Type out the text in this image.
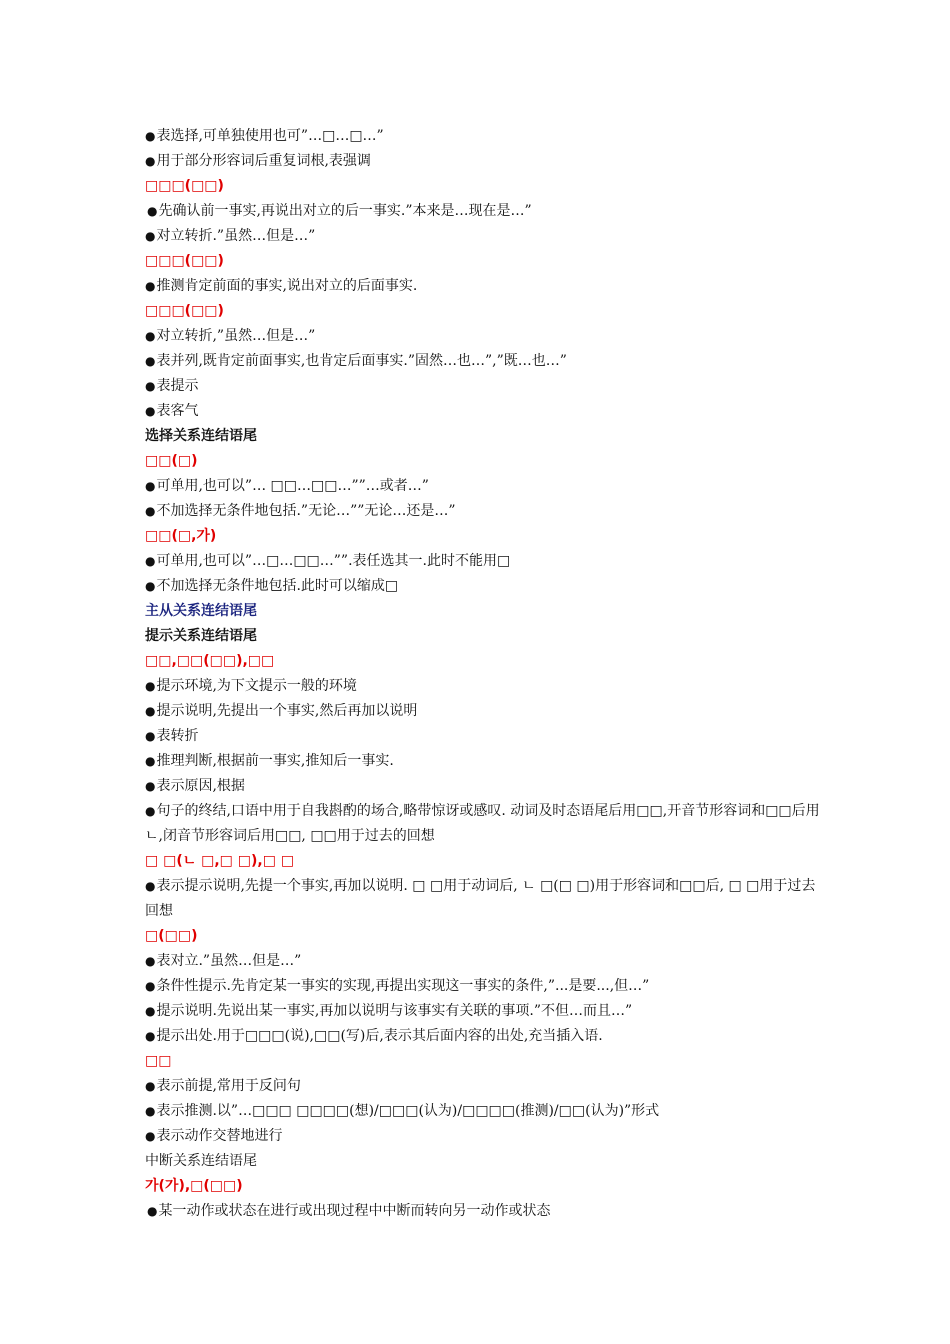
● 表选择,可单独使用也可”…□…□…”
● 用于部分形容词后重复词根,表强调
□□□(□□)
● 先确认前一事实,再说出对立的后一事实.”本来是…现在是…”
● 对立转折.”虽然…但是…”
□□□(□□)
● 推测肯定前面的事实,说出对立的后面事实.
□□□(□□)
● 对立转折,”虽然…但是…”
● 表并列,既肯定前面事实,也肯定后面事实.”固然…也…”,”既…也…”
● 表提示
● 表客气
选择关系连结语尾
□□(□)
● 可单用,也可以”… □□…□□…””…或者…”
● 不加选择无条件地包括.”无论…””无论…还是…”
□□(□,가)
● 可单用,也可以”…□…□□…””.表任选其一.此时不能用□
● 不加选择无条件地包括.此时可以缩成□
主从关系连结语尾
提示关系连结语尾
□□,□□(□□),□□
● 提示环境,为下文提示一般的环境
● 提示说明,先提出一个事实,然后再加以说明
● 表转折
● 推理判断,根据前一事实,推知后一事实.
● 表示原因,根据
● 句子的终结,口语中用于自我斟酌的场合,略带惊讶或感叹. 动词及时态语尾后用□□,开音节形容词和□□后用ㄴ,闭音节形容词后用□□, □□用于过去的回想
□ □(ㄴ □,□ □),□ □
● 表示提示说明,先提一个事实,再加以说明. □ □用于动词后, ㄴ □(□ □)用于形容词和□□后, □ □用于过去回想
□(□□)
● 表对立.”虽然…但是…”
● 条件性提示.先肯定某一事实的实现,再提出实现这一事实的条件,”...是要...,但…”
● 提示说明.先说出某一事实,再加以说明与该事实有关联的事项.”不但…而且…”
● 提示出处.用于□□□(说),□□(写)后,表示其后面内容的出处,充当插入语.
□□
● 表示前提,常用于反问句
● 表示推测.以”…□□□ □□□□(想)/□□□(认为)/□□□□(推测)/□□(认为)”形式
● 表示动作交替地进行
中断关系连结语尾
가(가),□(□□)
● 某一动作或状态在进行或出现过程中中断而转向另一动作或状态
